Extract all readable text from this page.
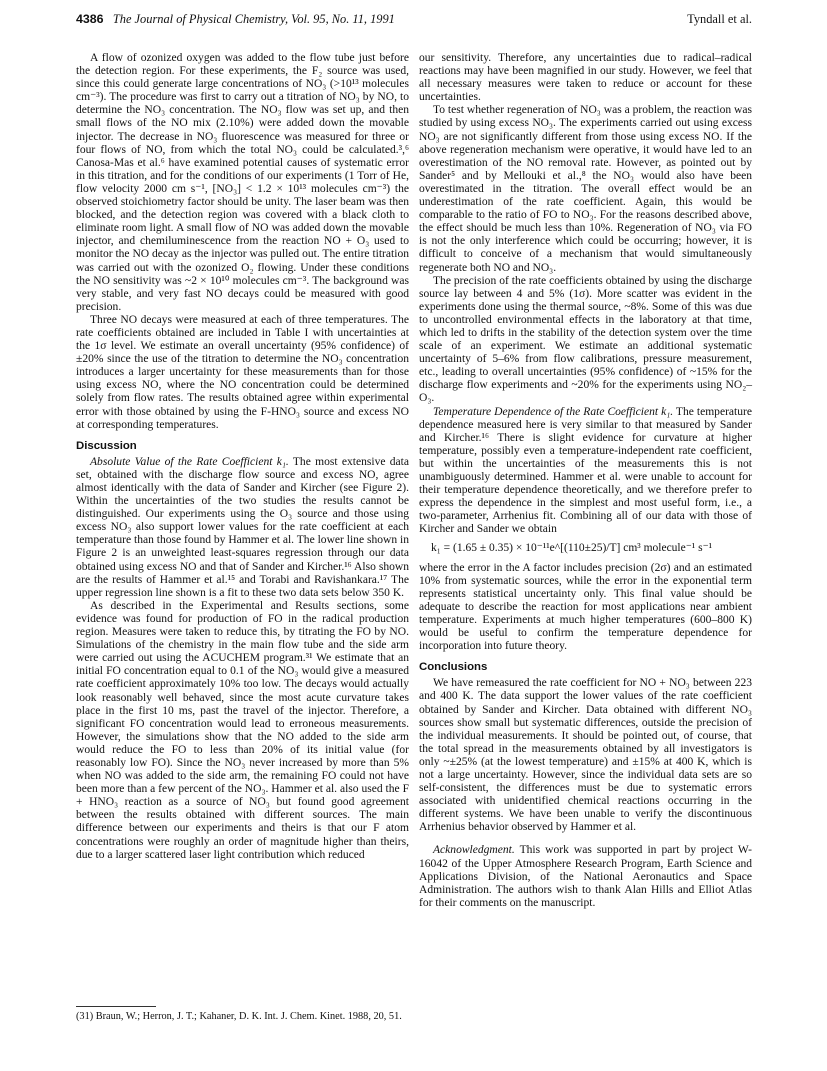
4386 The Journal of Physical Chemistry, Vol. 95, No. 11, 1991	Tyndall et al.

A flow of ozonized oxygen was added to the flow tube just before the detection region. For these experiments, the F₂ source was used, since this could generate large concentrations of NO₃ (>10¹³ molecules cm⁻³). The procedure was first to carry out a titration of NO₃ by NO, to determine the NO₃ concentration. The NO₃ flow was set up, and then small flows of the NO mix (2.10%) were added down the movable injector. The decrease in NO₃ fluorescence was measured for three or four flows of NO, from which the total NO₃ could be calculated.³,⁶ Canosa-Mas et al.⁶ have examined potential causes of systematic error in this titration, and for the conditions of our experiments (1 Torr of He, flow velocity 2000 cm s⁻¹, [NO₃] < 1.2 × 10¹³ molecules cm⁻³) the observed stoichiometry factor should be unity. The laser beam was then blocked, and the detection region was covered with a black cloth to eliminate room light. A small flow of NO was added down the movable injector, and chemiluminescence from the reaction NO + O₃ used to monitor the NO decay as the injector was pulled out. The entire titration was carried out with the ozonized O₂ flowing. Under these conditions the NO sensitivity was ~2 × 10¹⁰ molecules cm⁻³. The background was very stable, and very fast NO decays could be measured with good precision.

Three NO decays were measured at each of three temperatures. The rate coefficients obtained are included in Table I with uncertainties at the 1σ level. We estimate an overall uncertainty (95% confidence) of ±20% since the use of the titration to determine the NO₃ concentration introduces a larger uncertainty for these measurements than for those using excess NO, where the NO concentration could be determined solely from flow rates. The results obtained agree within experimental error with those obtained by using the F-HNO₃ source and excess NO at corresponding temperatures.

Discussion

Absolute Value of the Rate Coefficient k₁. The most extensive data set, obtained with the discharge flow source and excess NO, agree almost identically with the data of Sander and Kircher (see Figure 2). Within the uncertainties of the two studies the results cannot be distinguished. Our experiments using the O₃ source and those using excess NO₃ also support lower values for the rate coefficient at each temperature than those found by Hammer et al. The lower line shown in Figure 2 is an unweighted least-squares regression through our data obtained using excess NO and that of Sander and Kircher.¹⁶ Also shown are the results of Hammer et al.¹⁵ and Torabi and Ravishankara.¹⁷ The upper regression line shown is a fit to these two data sets below 350 K.

As described in the Experimental and Results sections, some evidence was found for production of FO in the radical production region. Measures were taken to reduce this, by titrating the FO by NO. Simulations of the chemistry in the main flow tube and the side arm were carried out using the ACUCHEM program.³¹ We estimate that an initial FO concentration equal to 0.1 of the NO₃ would give a measured rate coefficient approximately 10% too low. The decays would actually look reasonably well behaved, since the most acute curvature takes place in the first 10 ms, past the travel of the injector. Therefore, a significant FO concentration would lead to erroneous measurements. However, the simulations show that the NO added to the side arm would reduce the FO to less than 20% of its initial value (for reasonably low FO). Since the NO₃ never increased by more than 5% when NO was added to the side arm, the remaining FO could not have been more than a few percent of the NO₃. Hammer et al. also used the F + HNO₃ reaction as a source of NO₃ but found good agreement between the results obtained with different sources. The main difference between our experiments and theirs is that our F atom concentrations were roughly an order of magnitude higher than theirs, due to a larger scattered laser light contribution which reduced

our sensitivity. Therefore, any uncertainties due to radical–radical reactions may have been magnified in our study. However, we feel that all necessary measures were taken to reduce or account for these uncertainties.

To test whether regeneration of NO₃ was a problem, the reaction was studied by using excess NO₃. The experiments carried out using excess NO₃ are not significantly different from those using excess NO. If the above regeneration mechanism were operative, it would have led to an overestimation of the NO removal rate. However, as pointed out by Sander⁵ and by Mellouki et al.,⁸ the NO₃ would also have been overestimated in the titration. The overall effect would be an underestimation of the rate coefficient. Again, this would be comparable to the ratio of FO to NO₃. For the reasons described above, the effect should be much less than 10%. Regeneration of NO₃ via FO is not the only interference which could be occurring; however, it is difficult to conceive of a mechanism that would simultaneously regenerate both NO and NO₃.

The precision of the rate coefficients obtained by using the discharge source lay between 4 and 5% (1σ). More scatter was evident in the experiments done using the thermal source, ~8%. Some of this was due to uncontrolled environmental effects in the laboratory at that time, which led to drifts in the stability of the detection system over the time scale of an experiment. We estimate an additional systematic uncertainty of 5–6% from flow calibrations, pressure measurement, etc., leading to overall uncertainties (95% confidence) of ~15% for the discharge flow experiments and ~20% for the experiments using NO₂–O₃.

Temperature Dependence of the Rate Coefficient k₁. The temperature dependence measured here is very similar to that measured by Sander and Kircher.¹⁶ There is slight evidence for curvature at higher temperature, possibly even a temperature-independent rate coefficient, but within the uncertainties of the measurements this is not unambiguously determined. Hammer et al. were unable to account for their temperature dependence theoretically, and we therefore prefer to express the dependence in the simplest and most useful form, i.e., a two-parameter, Arrhenius fit. Combining all of our data with those of Kircher and Sander we obtain

k₁ = (1.65 ± 0.35) × 10⁻¹¹e^[(110±25)/T] cm³ molecule⁻¹ s⁻¹

where the error in the A factor includes precision (2σ) and an estimated 10% from systematic sources, while the error in the exponential term represents statistical uncertainty only. This final value should be adequate to describe the reaction for most applications near ambient temperature. Experiments at much higher temperatures (600–800 K) would be useful to confirm the temperature dependence for incorporation into future theory.

Conclusions

We have remeasured the rate coefficient for NO + NO₃ between 223 and 400 K. The data support the lower values of the rate coefficient obtained by Sander and Kircher. Data obtained with different NO₃ sources show small but systematic differences, outside the precision of the individual measurements. It should be pointed out, of course, that the total spread in the measurements obtained by all investigators is only ~±25% (at the lowest temperature) and ±15% at 400 K, which is not a large uncertainty. However, since the individual data sets are so self-consistent, the differences must be due to systematic errors associated with unidentified chemical reactions occurring in the different systems. We have been unable to verify the discontinuous Arrhenius behavior observed by Hammer et al.

Acknowledgment. This work was supported in part by project W-16042 of the Upper Atmosphere Research Program, Earth Science and Applications Division, of the National Aeronautics and Space Administration. The authors wish to thank Alan Hills and Elliot Atlas for their comments on the manuscript.

(31) Braun, W.; Herron, J. T.; Kahaner, D. K. Int. J. Chem. Kinet. 1988, 20, 51.
